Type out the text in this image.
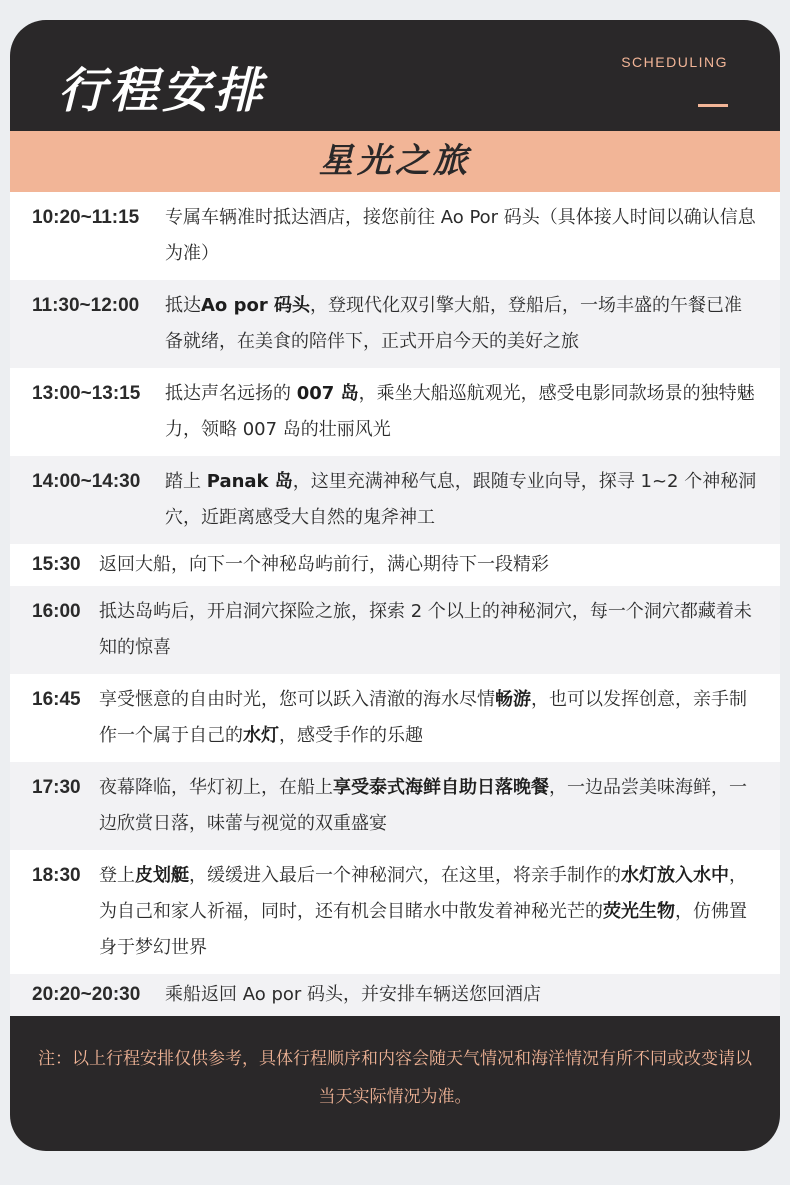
行程安排
SCHEDULING
星光之旅
10:20~11:15	专属车辆准时抵达酒店，接您前往 Ao Por 码头（具体接人时间以确认信息为准）
11:30~12:00	抵达Ao por 码头，登现代化双引擎大船，登船后，一场丰盛的午餐已准备就绪，在美食的陪伴下，正式开启今天的美好之旅
13:00~13:15	抵达声名远扬的 007 岛，乘坐大船巡航观光，感受电影同款场景的独特魅力，领略 007 岛的壮丽风光
14:00~14:30	踏上 Panak 岛，这里充满神秘气息，跟随专业向导，探寻 1~2 个神秘洞穴，近距离感受大自然的鬼斧神工
15:30	返回大船，向下一个神秘岛屿前行，满心期待下一段精彩
16:00	抵达岛屿后，开启洞穴探险之旅，探索 2 个以上的神秘洞穴，每一个洞穴都藏着未知的惊喜
16:45	享受惬意的自由时光，您可以跃入清澈的海水尽情畅游，也可以发挥创意，亲手制作一个属于自己的水灯，感受手作的乐趣
17:30	夜幕降临，华灯初上，在船上享受泰式海鲜自助日落晚餐，一边品尝美味海鲜，一边欣赏日落，味蕾与视觉的双重盛宴
18:30	登上皮划艇，缓缓进入最后一个神秘洞穴，在这里，将亲手制作的水灯放入水中，为自己和家人祈福，同时，还有机会目睹水中散发着神秘光芒的荧光生物，仿佛置身于梦幻世界
20:20~20:30	乘船返回 Ao por 码头，并安排车辆送您回酒店
注：以上行程安排仅供参考，具体行程顺序和内容会随天气情况和海洋情况有所不同或改变请以当天实际情况为准。
